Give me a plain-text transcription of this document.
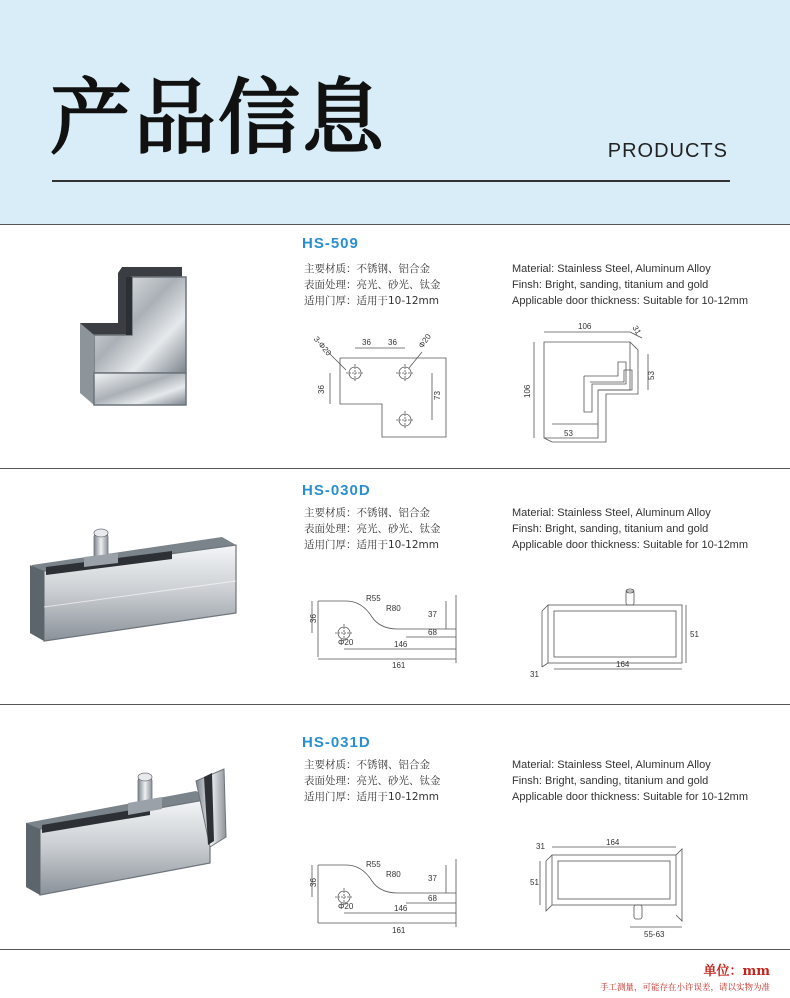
产品信息	PRODUCTS
HS-509
主要材质：不锈钢、铝合金
表面处理：亮光、砂光、钛金
适用门厚：适用于10-12mm
Material: Stainless Steel, Aluminum Alloy
Finsh: Bright, sanding, titanium and gold
Applicable door thickness: Suitable for 10-12mm
3-Φ20	36 36 Φ20
36
73
106	31
106
53
53
HS-030D
主要材质：不锈钢、铝合金
表面处理：亮光、砂光、钛金
适用门厚：适用于10-12mm
Material: Stainless Steel, Aluminum Alloy
Finsh: Bright, sanding, titanium and gold
Applicable door thickness: Suitable for 10-12mm
36
R55
R80
37
Φ20
68
146
161
51
164
31
HS-031D
主要材质：不锈钢、铝合金
表面处理：亮光、砂光、钛金
适用门厚：适用于10-12mm
Material: Stainless Steel, Aluminum Alloy
Finsh: Bright, sanding, titanium and gold
Applicable door thickness: Suitable for 10-12mm
36
R55
R80	37
Φ20
68
146
161
31	164
51
55-63
单位：mm
手工测量，可能存在小许误差，请以实物为准
